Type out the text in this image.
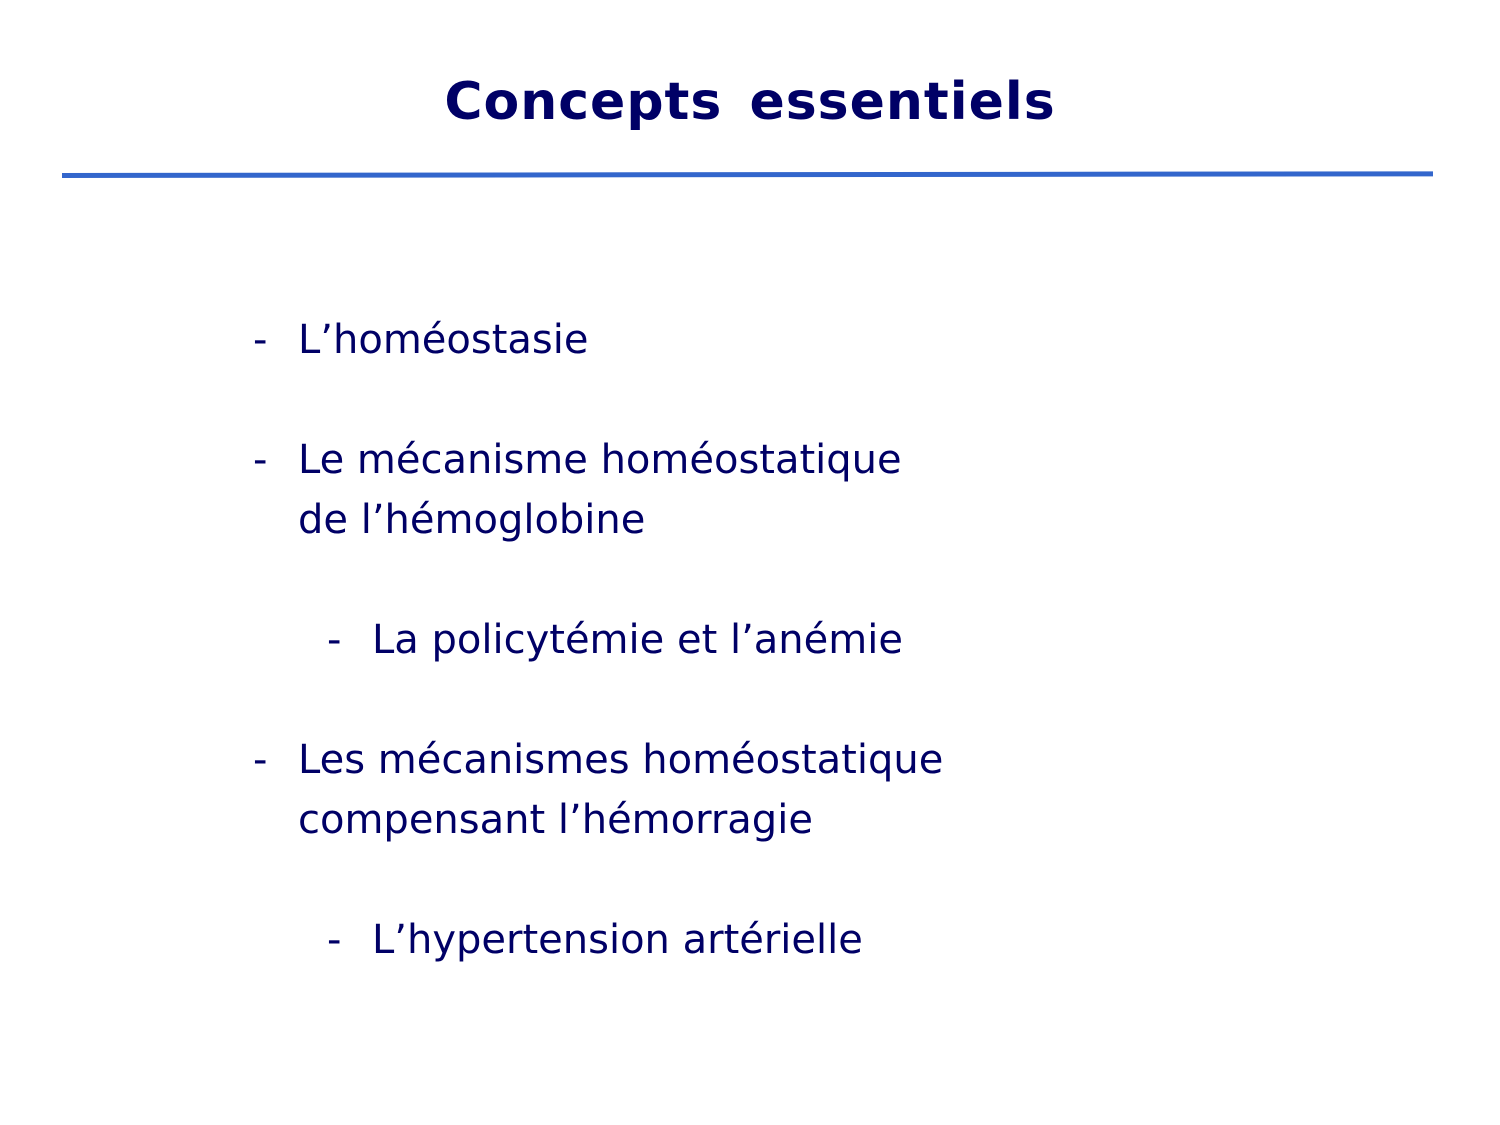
Concepts essentiels
- L’homéostasie
- Le mécanisme homéostatique
de l’hémoglobine
- La policytémie et l’anémie
- Les mécanismes homéostatique
compensant l’hémorragie
- L’hypertension artérielle
